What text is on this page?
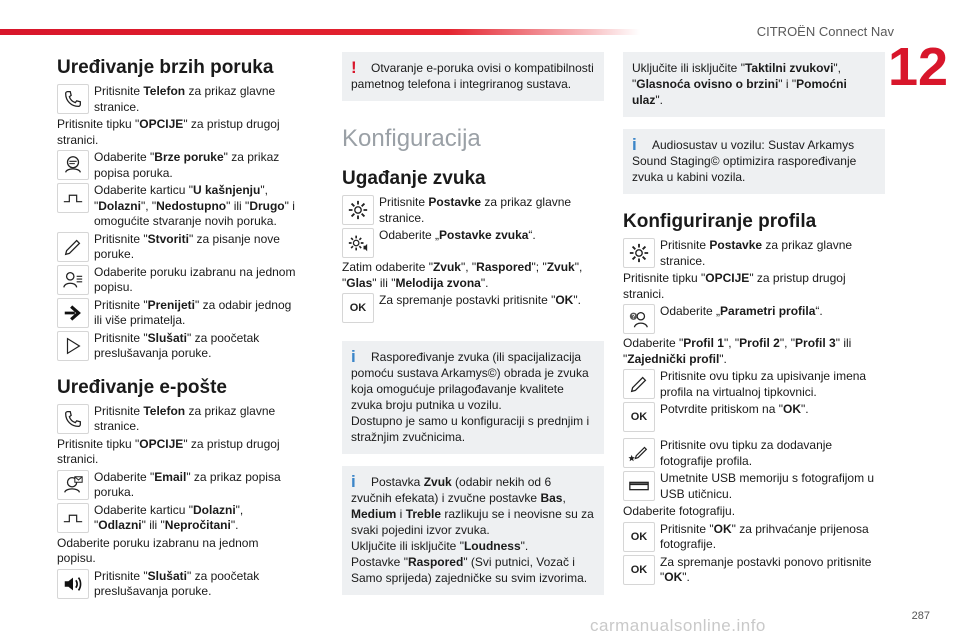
CITROËN Connect Nav
12
Uređivanje brzih poruka
Pritisnite Telefon za prikaz glavne stranice.
Pritisnite tipku "OPCIJE" za pristup drugoj stranici.
Odaberite "Brze poruke" za prikaz popisa poruka.
Odaberite karticu "U kašnjenju", "Dolazni", "Nedostupno" ili "Drugo" i omogućite stvaranje novih poruka.
Pritisnite "Stvoriti" za pisanje nove poruke.
Odaberite poruku izabranu na jednom popisu.
Pritisnite "Prenijeti" za odabir jednog ili više primatelja.
Pritisnite "Slušati" za poočetak preslušavanja poruke.
Uređivanje e-pošte
Pritisnite Telefon za prikaz glavne stranice.
Pritisnite tipku "OPCIJE" za pristup drugoj stranici.
Odaberite "Email" za prikaz popisa poruka.
Odaberite karticu "Dolazni", "Odlazni" ili "Nepročitani".
Odaberite poruku izabranu na jednom popisu.
Pritisnite "Slušati" za poočetak preslušavanja poruke.
! Otvaranje e-poruka ovisi o kompatibilnosti pametnog telefona i integriranog sustava.
Konfiguracija
Ugađanje zvuka
Pritisnite Postavke za prikaz glavne stranice.
Odaberite „Postavke zvuka“.
Zatim odaberite "Zvuk", "Raspored"; "Zvuk", "Glas" ili "Melodija zvona".
OK
Za spremanje postavki pritisnite "OK".
i Raspoređivanje zvuka (ili spacijalizacija pomoću sustava Arkamys©) obrada je zvuka koja omogućuje prilagođavanje kvalitete zvuka broju putnika u vozilu.
Dostupno je samo u konfiguraciji s prednjim i stražnjim zvučnicima.
i Postavka Zvuk (odabir nekih od 6 zvučnih efekata) i zvučne postavke Bas, Medium i Treble razlikuju se i neovisne su za svaki pojedini izvor zvuka.
Uključite ili isključite "Loudness".
Postavke "Raspored" (Svi putnici, Vozač i Samo sprijeda) zajedničke su svim izvorima.
Uključite ili isključite "Taktilni zvukovi", "Glasnoća ovisno o brzini" i "Pomoćni ulaz".
i Audiosustav u vozilu: Sustav Arkamys Sound Staging© optimizira raspoređivanje zvuka u kabini vozila.
Konfiguriranje profila
Pritisnite Postavke za prikaz glavne stranice.
Pritisnite tipku "OPCIJE" za pristup drugoj stranici.
? Odaberite „Parametri profila“.
Odaberite "Profil 1", "Profil 2", "Profil 3" ili "Zajednički profil".
Pritisnite ovu tipku za upisivanje imena profila na virtualnoj tipkovnici.
OK
Potvrdite pritiskom na "OK".
Pritisnite ovu tipku za dodavanje fotografije profila.
Umetnite USB memoriju s fotografijom u USB utičnicu.
Odaberite fotografiju.
OK
Pritisnite "OK" za prihvaćanje prijenosa fotografije.
OK
Za spremanje postavki ponovo pritisnite "OK".
carmanualsonline.info	287
